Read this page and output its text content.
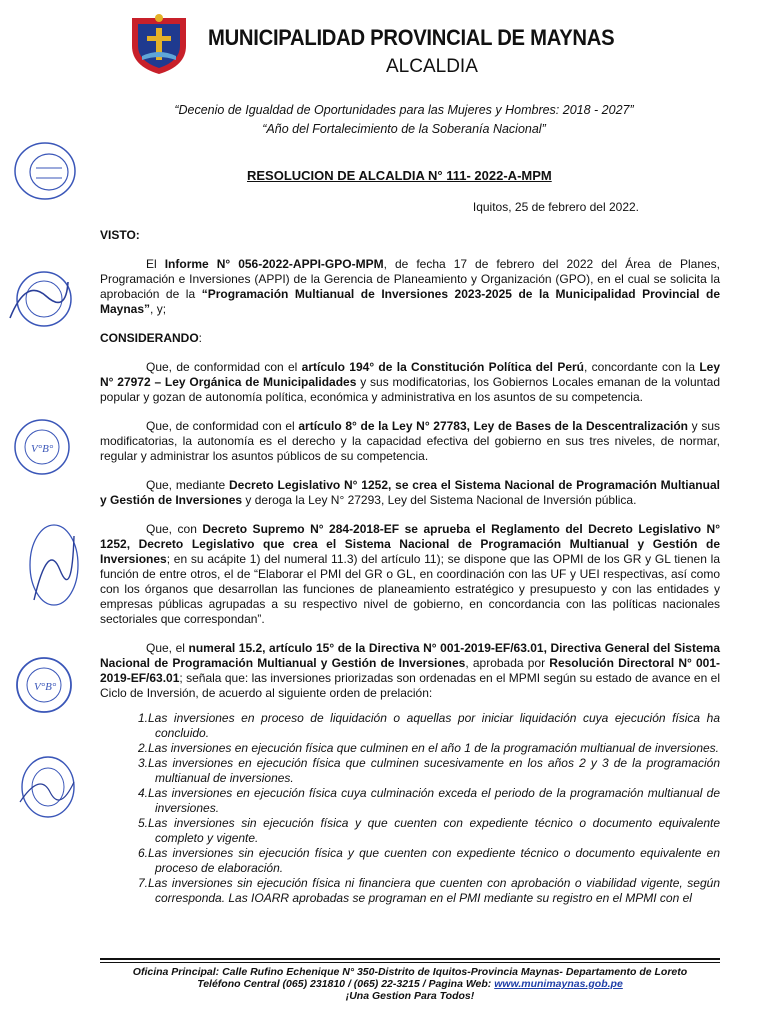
MUNICIPALIDAD PROVINCIAL DE MAYNAS
ALCALDIA
“Decenio de Igualdad de Oportunidades para las Mujeres y Hombres: 2018 - 2027”
“Año del Fortalecimiento de la Soberanía Nacional”
V°B°
V°B°
RESOLUCION DE ALCALDIA N° 111- 2022-A-MPM
Iquitos, 25 de febrero del 2022.

VISTO:

El Informe N° 056-2022-APPI-GPO-MPM, de fecha 17 de febrero del 2022 del Área de Planes, Programación e Inversiones (APPI) de la Gerencia de Planeamiento y Organización (GPO), en el cual se solicita la aprobación de la “Programación Multianual de Inversiones 2023-2025 de la Municipalidad Provincial de Maynas”, y;

CONSIDERANDO:

Que, de conformidad con el artículo 194° de la Constitución Política del Perú, concordante con la Ley N° 27972 – Ley Orgánica de Municipalidades y sus modificatorias, los Gobiernos Locales emanan de la voluntad popular y gozan de autonomía política, económica y administrativa en los asuntos de su competencia.

Que, de conformidad con el artículo 8° de la Ley N° 27783, Ley de Bases de la Descentralización y sus modificatorias, la autonomía es el derecho y la capacidad efectiva del gobierno en sus tres niveles, de normar, regular y administrar los asuntos públicos de su competencia.

Que, mediante Decreto Legislativo N° 1252, se crea el Sistema Nacional de Programación Multianual y Gestión de Inversiones y deroga la Ley N° 27293, Ley del Sistema Nacional de Inversión pública.

Que, con Decreto Supremo N° 284-2018-EF se aprueba el Reglamento del Decreto Legislativo N° 1252, Decreto Legislativo que crea el Sistema Nacional de Programación Multianual y Gestión de Inversiones; en su acápite 1) del numeral 11.3) del artículo 11); se dispone que las OPMI de los GR y GL tienen la función de entre otros, el de “Elaborar el PMI del GR o GL, en coordinación con las UF y UEI respectivas, así como con los órganos que desarrollan las funciones de planeamiento estratégico y presupuesto y con las entidades y empresas públicas agrupadas a su respectivo nivel de gobierno, en concordancia con las políticas nacionales sectoriales que correspondan”.

Que, el numeral 15.2, artículo 15° de la Directiva N° 001-2019-EF/63.01, Directiva General del Sistema Nacional de Programación Multianual y Gestión de Inversiones, aprobada por Resolución Directoral N° 001-2019-EF/63.01; señala que: las inversiones priorizadas son ordenadas en el MPMI según su estado de avance en el Ciclo de Inversión, de acuerdo al siguiente orden de prelación:

1.Las inversiones en proceso de liquidación o aquellas por iniciar liquidación cuya ejecución física ha concluido.
2.Las inversiones en ejecución física que culminen en el año 1 de la programación multianual de inversiones.
3.Las inversiones en ejecución física que culminen sucesivamente en los años 2 y 3 de la programación multianual de inversiones.
4.Las inversiones en ejecución física cuya culminación exceda el periodo de la programación multianual de inversiones.
5.Las inversiones sin ejecución física y que cuenten con expediente técnico o documento equivalente completo y vigente.
6.Las inversiones sin ejecución física y que cuenten con expediente técnico o documento equivalente en proceso de elaboración.
7.Las inversiones sin ejecución física ni financiera que cuenten con aprobación o viabilidad vigente, según corresponda. Las IOARR aprobadas se programan en el PMI mediante su registro en el MPMI con el
Oficina Principal: Calle Rufino Echenique N° 350-Distrito de Iquitos-Provincia Maynas- Departamento de Loreto
Teléfono Central (065) 231810 / (065) 22-3215 / Pagina Web: www.munimaynas.gob.pe
¡Una Gestion Para Todos!
